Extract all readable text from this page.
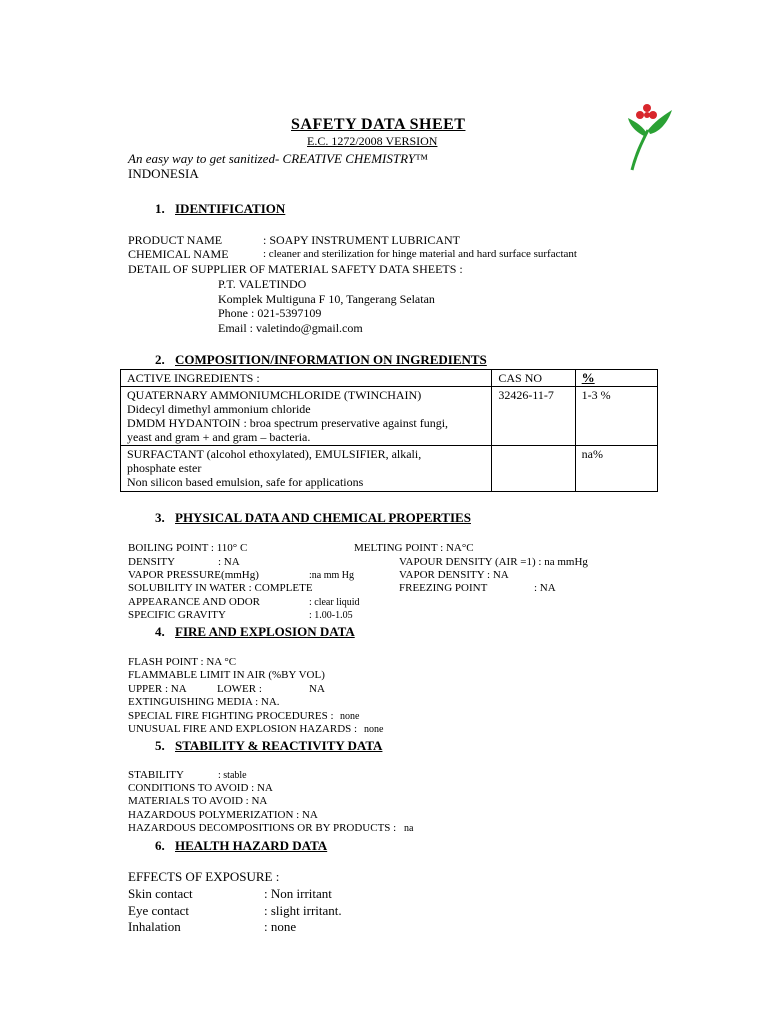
SAFETY DATA SHEET
E.C. 1272/2008 VERSION
An easy way to get sanitized- CREATIVE CHEMISTRY™
INDONESIA
1. IDENTIFICATION
PRODUCT NAME	: SOAPY INSTRUMENT LUBRICANT
CHEMICAL NAME	: cleaner and sterilization for hinge material and hard surface surfactant
DETAIL OF SUPPLIER OF MATERIAL SAFETY DATA SHEETS :
P.T. VALETINDO
Komplek Multiguna F 10, Tangerang Selatan
Phone : 021-5397109
Email : valetindo@gmail.com
2. COMPOSITION/INFORMATION ON INGREDIENTS
ACTIVE INGREDIENTS :	CAS NO	%

QUATERNARY AMMONIUMCHLORIDE (TWINCHAIN)
Didecyl dimethyl ammonium chloride
DMDM HYDANTOIN : broa spectrum preservative against fungi,
yeast and gram + and gram – bacteria.	32426-11-7	1-3 %

SURFACTANT (alcohol ethoxylated), EMULSIFIER, alkali,
phosphate ester
Non silicon based emulsion, safe for applications		na%
3. PHYSICAL DATA AND CHEMICAL PROPERTIES
BOILING POINT : 110° C	MELTING POINT : NA°C
DENSITY	: NA	VAPOUR DENSITY (AIR =1) : na mmHg
VAPOR PRESSURE(mmHg)	:na mm Hg	VAPOR DENSITY : NA
SOLUBILITY IN WATER : COMPLETE	FREEZING POINT	: NA
APPEARANCE AND ODOR	: clear liquid
SPECIFIC GRAVITY	: 1.00-1.05
4. FIRE AND EXPLOSION DATA
FLASH POINT : NA °C
FLAMMABLE LIMIT IN AIR (%BY VOL)
UPPER : NA	LOWER :	NA
EXTINGUISHING MEDIA : NA.
SPECIAL FIRE FIGHTING PROCEDURES : none
UNUSUAL FIRE AND EXPLOSION HAZARDS : none
5. STABILITY & REACTIVITY DATA
STABILITY	: stable
CONDITIONS TO AVOID : NA
MATERIALS TO AVOID : NA
HAZARDOUS POLYMERIZATION : NA
HAZARDOUS DECOMPOSITIONS OR BY PRODUCTS : na
6. HEALTH HAZARD DATA
EFFECTS OF EXPOSURE :
Skin contact	: Non irritant
Eye contact	: slight irritant.
Inhalation	: none
